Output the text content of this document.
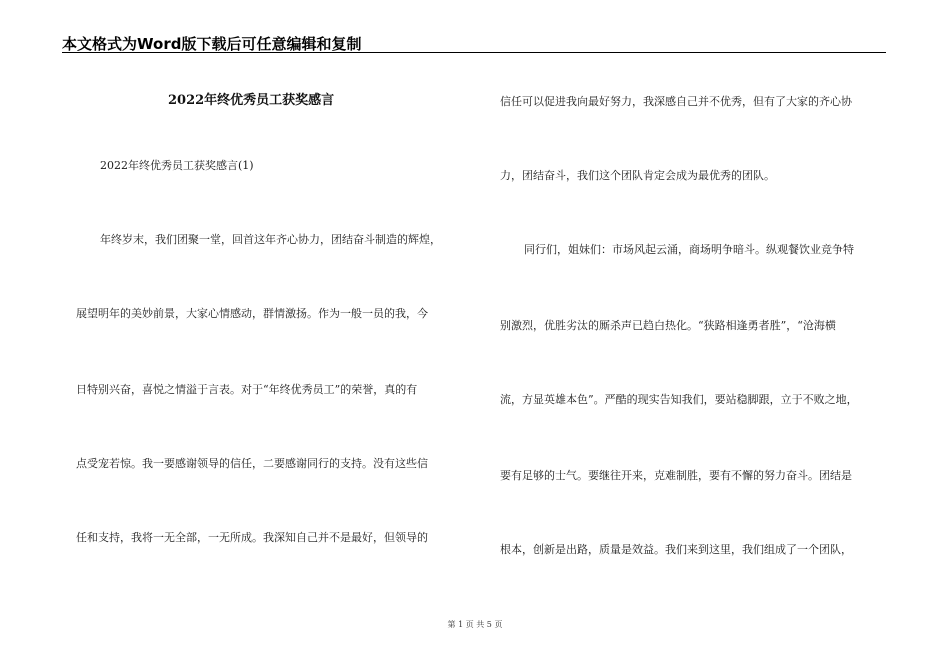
本文格式为Word版下载后可任意编辑和复制
2022年终优秀员工获奖感言
2022年终优秀员工获奖感言(1)
年终岁末，我们团聚一堂，回首这年齐心协力，团结奋斗制造的辉煌，
展望明年的美妙前景，大家心情感动，群情激扬。作为一般一员的我，今
日特别兴奋，喜悦之情溢于言表。对于“年终优秀员工”的荣誉，真的有
点受宠若惊。我一要感谢领导的信任，二要感谢同行的支持。没有这些信
任和支持，我将一无全部，一无所成。我深知自己并不是最好，但领导的
信任可以促进我向最好努力，我深感自己并不优秀，但有了大家的齐心协
力，团结奋斗，我们这个团队肯定会成为最优秀的团队。
同行们，姐妹们：市场风起云涌，商场明争暗斗。纵观餐饮业竞争特
别激烈，优胜劣汰的厮杀声已趋白热化。“狭路相逢勇者胜”，“沧海横
流，方显英雄本色”。严酷的现实告知我们，要站稳脚跟，立于不败之地，
要有足够的士气。要继往开来，克难制胜，要有不懈的努力奋斗。团结是
根本，创新是出路，质量是效益。我们来到这里，我们组成了一个团队，
第 1 页 共 5 页
